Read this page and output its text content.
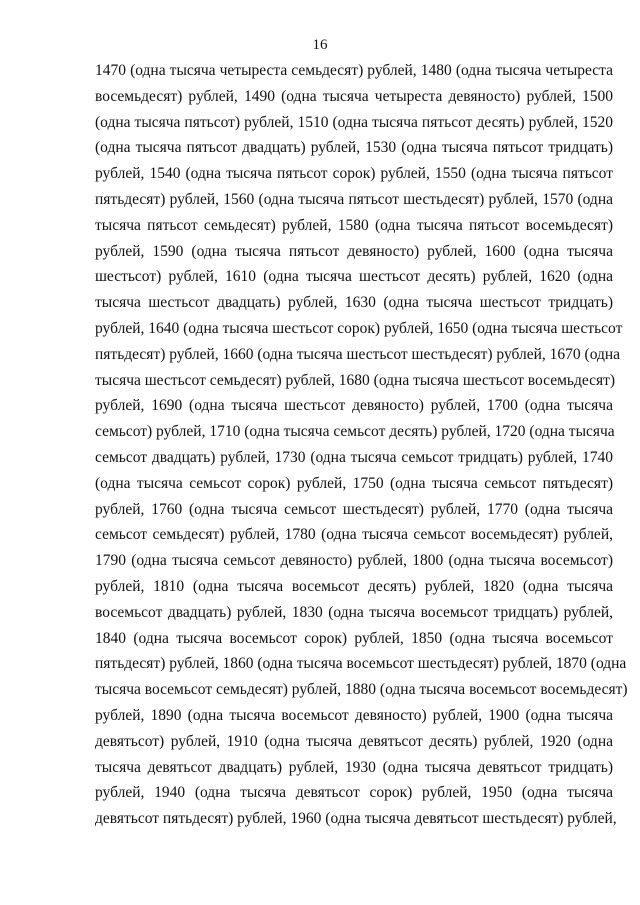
16
1470 (одна тысяча четыреста семьдесят) рублей, 1480 (одна тысяча четыреста
восемьдесят) рублей, 1490 (одна тысяча четыреста девяносто) рублей, 1500
(одна тысяча пятьсот) рублей, 1510 (одна тысяча пятьсот десять) рублей, 1520
(одна тысяча пятьсот двадцать) рублей, 1530 (одна тысяча пятьсот тридцать)
рублей, 1540 (одна тысяча пятьсот сорок) рублей, 1550 (одна тысяча пятьсот
пятьдесят) рублей, 1560 (одна тысяча пятьсот шестьдесят) рублей, 1570 (одна
тысяча пятьсот семьдесят) рублей, 1580 (одна тысяча пятьсот восемьдесят)
рублей, 1590 (одна тысяча пятьсот девяносто) рублей, 1600 (одна тысяча
шестьсот) рублей, 1610 (одна тысяча шестьсот десять) рублей, 1620 (одна
тысяча шестьсот двадцать) рублей, 1630 (одна тысяча шестьсот тридцать)
рублей, 1640 (одна тысяча шестьсот сорок) рублей, 1650 (одна тысяча шестьсот
пятьдесят) рублей, 1660 (одна тысяча шестьсот шестьдесят) рублей, 1670 (одна
тысяча шестьсот семьдесят) рублей, 1680 (одна тысяча шестьсот восемьдесят)
рублей, 1690 (одна тысяча шестьсот девяносто) рублей, 1700 (одна тысяча
семьсот) рублей, 1710 (одна тысяча семьсот десять) рублей, 1720 (одна тысяча
семьсот двадцать) рублей, 1730 (одна тысяча семьсот тридцать) рублей, 1740
(одна тысяча семьсот сорок) рублей, 1750 (одна тысяча семьсот пятьдесят)
рублей, 1760 (одна тысяча семьсот шестьдесят) рублей, 1770 (одна тысяча
семьсот семьдесят) рублей, 1780 (одна тысяча семьсот восемьдесят) рублей,
1790 (одна тысяча семьсот девяносто) рублей, 1800 (одна тысяча восемьсот)
рублей, 1810 (одна тысяча восемьсот десять) рублей, 1820 (одна тысяча
восемьсот двадцать) рублей, 1830 (одна тысяча восемьсот тридцать) рублей,
1840 (одна тысяча восемьсот сорок) рублей, 1850 (одна тысяча восемьсот
пятьдесят) рублей, 1860 (одна тысяча восемьсот шестьдесят) рублей, 1870 (одна
тысяча восемьсот семьдесят) рублей, 1880 (одна тысяча восемьсот восемьдесят)
рублей, 1890 (одна тысяча восемьсот девяносто) рублей, 1900 (одна тысяча
девятьсот) рублей, 1910 (одна тысяча девятьсот десять) рублей, 1920 (одна
тысяча девятьсот двадцать) рублей, 1930 (одна тысяча девятьсот тридцать)
рублей, 1940 (одна тысяча девятьсот сорок) рублей, 1950 (одна тысяча
девятьсот пятьдесят) рублей, 1960 (одна тысяча девятьсот шестьдесят) рублей,
